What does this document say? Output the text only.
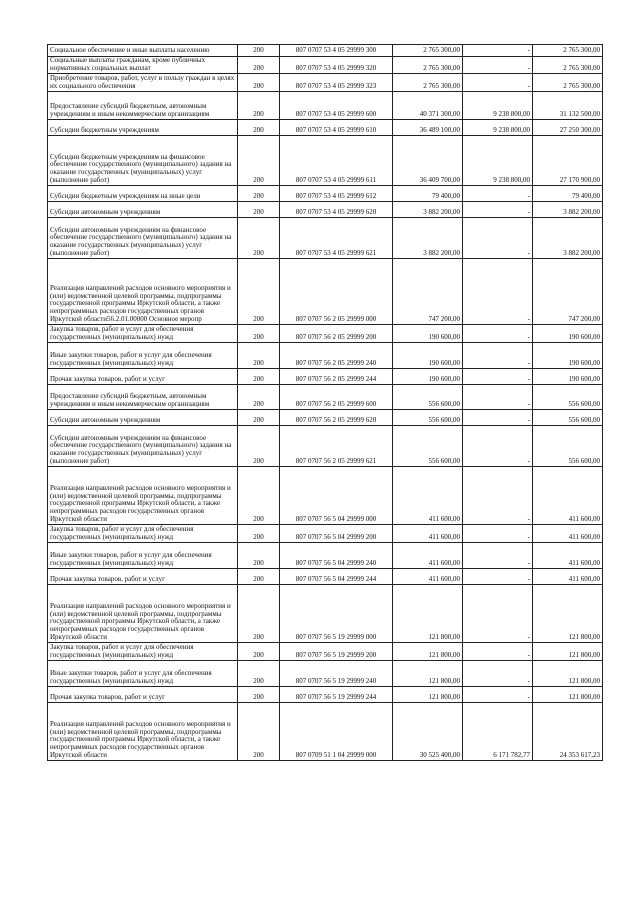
Социальное обеспечение и иные выплаты населению	200	807 0707 53 4 05 29999 300	2 765 300,00	-	2 765 300,00
Социальные выплаты гражданам, кроме публичных нормативных социальных выплат	200	807 0707 53 4 05 29999 320	2 765 300,00	-	2 765 300,00
Приобретение товаров, работ, услуг в пользу граждан в целях их социального обеспечения	200	807 0707 53 4 05 29999 323	2 765 300,00	-	2 765 300,00
Предоставление субсидий бюджетным, автономным учреждениям и иным некоммерческим организациям	200	807 0707 53 4 05 29999 600	40 371 300,00	9 238 800,00	31 132 500,00
Субсидии бюджетным учреждениям	200	807 0707 53 4 05 29999 610	36 489 100,00	9 238 800,00	27 250 300,00
Субсидии бюджетным учреждениям на финансовое обеспечение государственного (муниципального) задания на оказание государственных (муниципальных) услуг (выполнение работ)	200	807 0707 53 4 05 29999 611	36 409 700,00	9 238 800,00	27 170 900,00
Субсидии бюджетным учреждениям на иные цели	200	807 0707 53 4 05 29999 612	79 400,00	-	79 400,00
Субсидии автономным учреждениям	200	807 0707 53 4 05 29999 620	3 882 200,00	-	3 882 200,00
Субсидии автономным учреждениям на финансовое обеспечение государственного (муниципального) задания на оказание государственных (муниципальных) услуг (выполнение работ)	200	807 0707 53 4 05 29999 621	3 882 200,00	-	3 882 200,00
Реализация направлений расходов основного мероприятия и (или) ведомственной целевой программы, подпрограммы государственной программы Иркутской области, а также непрограммных расходов государственных органов Иркутской области56.2.01.00000 Основное меропр	200	807 0707 56 2 05 29999 000	747 200,00	-	747 200,00
Закупка товаров, работ и услуг для обеспечения государственных (муниципальных) нужд	200	807 0707 56 2 05 29999 200	190 600,00	-	190 600,00
Иные закупки товаров, работ и услуг для обеспечения государственных (муниципальных) нужд	200	807 0707 56 2 05 29999 240	190 600,00	-	190 600,00
Прочая закупка товаров, работ и услуг	200	807 0707 56 2 05 29999 244	190 600,00	-	190 600,00
Предоставление субсидий бюджетным, автономным учреждениям и иным некоммерческим организациям	200	807 0707 56 2 05 29999 600	556 600,00	-	556 600,00
Субсидии автономным учреждениям	200	807 0707 56 2 05 29999 620	556 600,00	-	556 600,00
Субсидии автономным учреждениям на финансовое обеспечение государственного (муниципального) задания на оказание государственных (муниципальных) услуг (выполнение работ)	200	807 0707 56 2 05 29999 621	556 600,00	-	556 600,00
Реализация направлений расходов основного мероприятия и (или) ведомственной целевой программы, подпрограммы государственной программы Иркутской области, а также непрограммных расходов государственных органов Иркутской области	200	807 0707 56 5 04 29999 000	411 600,00	-	411 600,00
Закупка товаров, работ и услуг для обеспечения государственных (муниципальных) нужд	200	807 0707 56 5 04 29999 200	411 600,00	-	411 600,00
Иные закупки товаров, работ и услуг для обеспечения государственных (муниципальных) нужд	200	807 0707 56 5 04 29999 240	411 600,00	-	411 600,00
Прочая закупка товаров, работ и услуг	200	807 0707 56 5 04 29999 244	411 600,00	-	411 600,00
Реализация направлений расходов основного мероприятия и (или) ведомственной целевой программы, подпрограммы государственной программы Иркутской области, а также непрограммных расходов государственных органов Иркутской области	200	807 0707 56 5 19 29999 000	121 800,00	-	121 800,00
Закупка товаров, работ и услуг для обеспечения государственных (муниципальных) нужд	200	807 0707 56 5 19 29999 200	121 800,00	-	121 800,00
Иные закупки товаров, работ и услуг для обеспечения государственных (муниципальных) нужд	200	807 0707 56 5 19 29999 240	121 800,00	-	121 800,00
Прочая закупка товаров, работ и услуг	200	807 0707 56 5 19 29999 244	121 800,00	-	121 800,00
Реализация направлений расходов основного мероприятия и (или) ведомственной целевой программы, подпрограммы государственной программы Иркутской области, а также непрограммных расходов государственных органов Иркутской области	200	807 0709 51 1 04 29999 000	30 525 400,00	6 171 782,77	24 353 617,23
